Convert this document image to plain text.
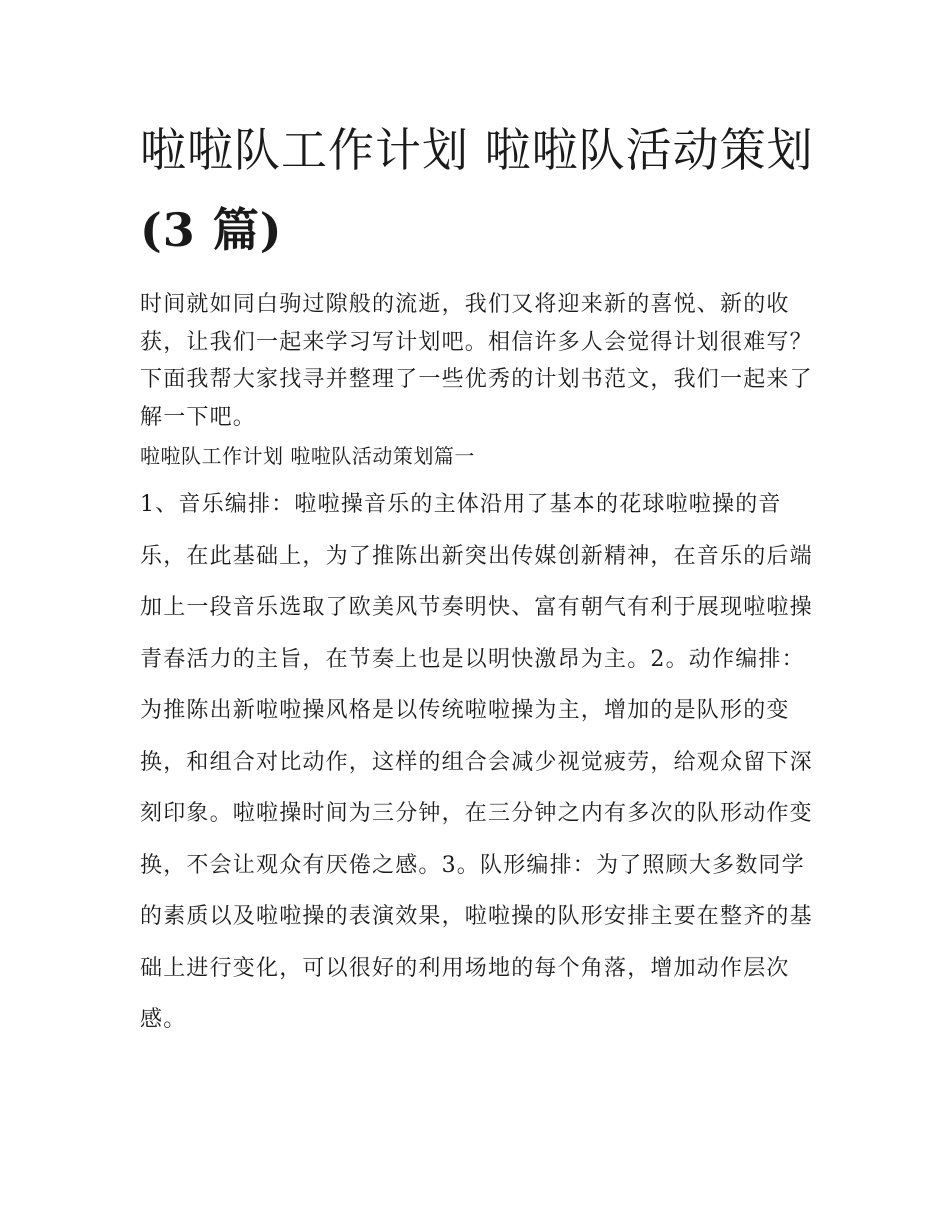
啦啦队工作计划 啦啦队活动策划(3 篇)

时间就如同白驹过隙般的流逝，我们又将迎来新的喜悦、新的收获，让我们一起来学习写计划吧。相信许多人会觉得计划很难写？下面我帮大家找寻并整理了一些优秀的计划书范文，我们一起来了解一下吧。

啦啦队工作计划 啦啦队活动策划篇一

1、音乐编排：啦啦操音乐的主体沿用了基本的花球啦啦操的音乐，在此基础上，为了推陈出新突出传媒创新精神，在音乐的后端加上一段音乐选取了欧美风节奏明快、富有朝气有利于展现啦啦操青春活力的主旨，在节奏上也是以明快激昂为主。2。动作编排：为推陈出新啦啦操风格是以传统啦啦操为主，增加的是队形的变换，和组合对比动作，这样的组合会减少视觉疲劳，给观众留下深刻印象。啦啦操时间为三分钟，在三分钟之内有多次的队形动作变换，不会让观众有厌倦之感。3。队形编排：为了照顾大多数同学的素质以及啦啦操的表演效果，啦啦操的队形安排主要在整齐的基础上进行变化，可以很好的利用场地的每个角落，增加动作层次感。
